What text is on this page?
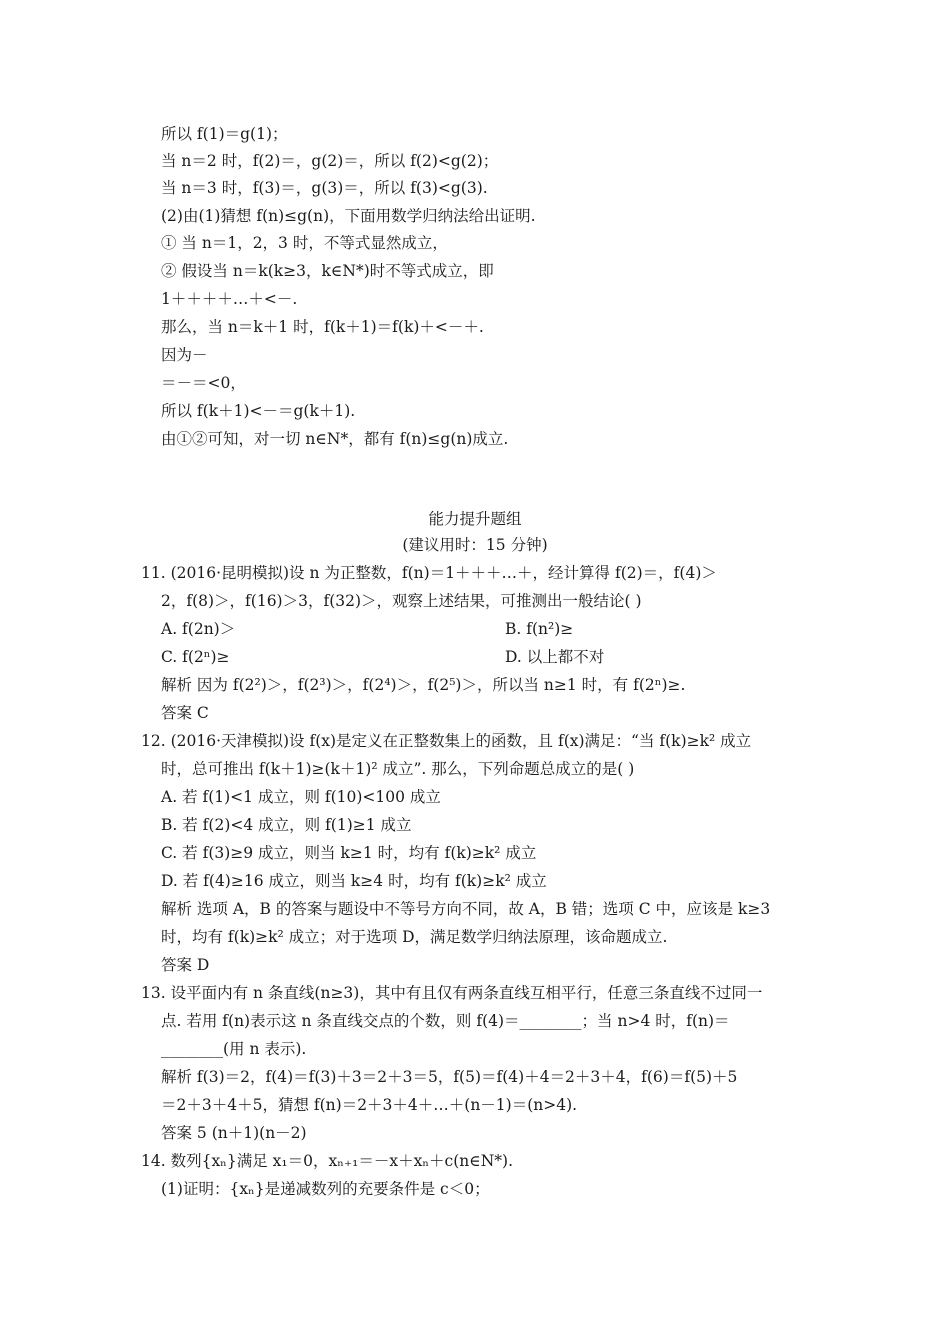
所以 f(1)＝g(1)；
当 n＝2 时，f(2)＝，g(2)＝，所以 f(2)<g(2)；
当 n＝3 时，f(3)＝，g(3)＝，所以 f(3)<g(3).
(2)由(1)猜想 f(n)≤g(n)，下面用数学归纳法给出证明.
① 当 n＝1，2，3 时，不等式显然成立，
② 假设当 n＝k(k≥3，k∈N*)时不等式成立，即
1＋＋＋＋…＋<－.
那么，当 n＝k＋1 时，f(k＋1)＝f(k)＋<－＋.
因为－
＝－＝<0，
所以 f(k＋1)<－＝g(k＋1).
由①②可知，对一切 n∈N*，都有 f(n)≤g(n)成立.
能力提升题组
(建议用时：15 分钟)
11. (2016·昆明模拟)设 n 为正整数，f(n)＝1＋＋＋…＋，经计算得 f(2)＝，f(4)＞
2，f(8)＞，f(16)＞3，f(32)＞，观察上述结果，可推测出一般结论( )
A. f(2n)＞	B. f(n²)≥
C. f(2ⁿ)≥	D. 以上都不对
解析 因为 f(2²)＞，f(2³)＞，f(2⁴)＞，f(2⁵)＞，所以当 n≥1 时，有 f(2ⁿ)≥.
答案 C
12. (2016·天津模拟)设 f(x)是定义在正整数集上的函数，且 f(x)满足：“当 f(k)≥k² 成立
时，总可推出 f(k＋1)≥(k＋1)² 成立”. 那么，下列命题总成立的是( )
A. 若 f(1)<1 成立，则 f(10)<100 成立
B. 若 f(2)<4 成立，则 f(1)≥1 成立
C. 若 f(3)≥9 成立，则当 k≥1 时，均有 f(k)≥k² 成立
D. 若 f(4)≥16 成立，则当 k≥4 时，均有 f(k)≥k² 成立
解析 选项 A，B 的答案与题设中不等号方向不同，故 A，B 错；选项 C 中，应该是 k≥3
时，均有 f(k)≥k² 成立；对于选项 D，满足数学归纳法原理，该命题成立.
答案 D
13. 设平面内有 n 条直线(n≥3)，其中有且仅有两条直线互相平行，任意三条直线不过同一
点. 若用 f(n)表示这 n 条直线交点的个数，则 f(4)＝________；当 n>4 时，f(n)＝
________(用 n 表示).
解析 f(3)＝2，f(4)＝f(3)＋3＝2＋3＝5，f(5)＝f(4)＋4＝2＋3＋4，f(6)＝f(5)＋5
＝2＋3＋4＋5，猜想 f(n)＝2＋3＋4＋…＋(n－1)＝(n>4).
答案 5 (n＋1)(n－2)
14. 数列{xₙ}满足 x₁＝0，xₙ₊₁＝－x＋xₙ＋c(n∈N*).
(1)证明：{xₙ}是递减数列的充要条件是 c＜0；
